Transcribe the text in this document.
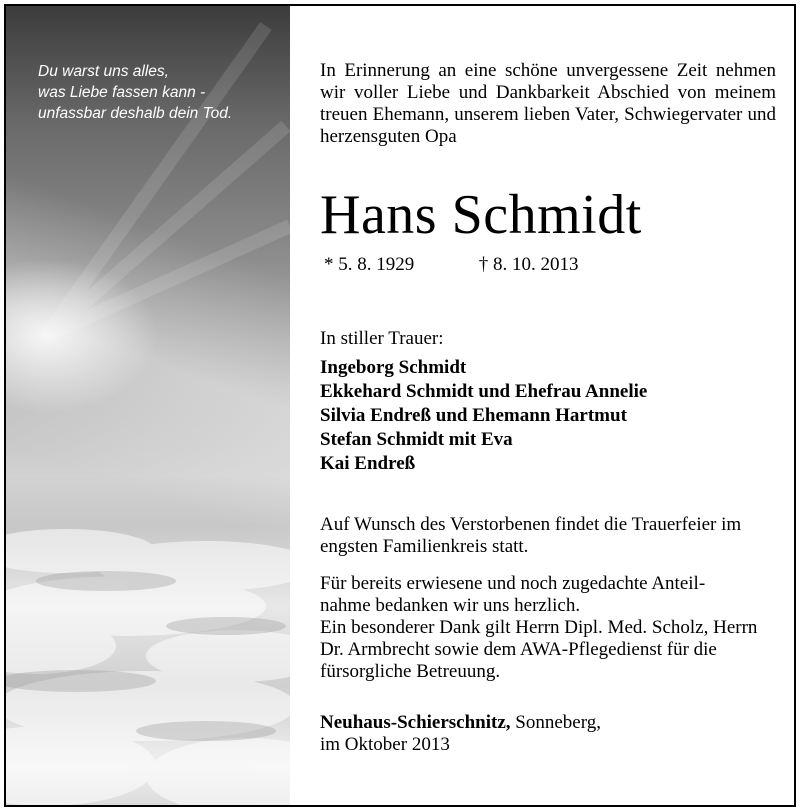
Du warst uns alles,
was Liebe fassen kann -
unfassbar deshalb dein Tod.
In Erinnerung an eine schöne unvergessene Zeit nehmen wir voller Liebe und Dankbarkeit Abschied von meinem treuen Ehemann, unserem lieben Vater, Schwiegervater und herzensguten Opa
Hans Schmidt
* 5. 8. 1929	† 8. 10. 2013
In stiller Trauer:
Ingeborg Schmidt
Ekkehard Schmidt und Ehefrau Annelie
Silvia Endreß und Ehemann Hartmut
Stefan Schmidt mit Eva
Kai Endreß
Auf Wunsch des Verstorbenen findet die Trauerfeier im engsten Familienkreis statt.
Für bereits erwiesene und noch zugedachte Anteil-
nahme bedanken wir uns herzlich.
Ein besonderer Dank gilt Herrn Dipl. Med. Scholz, Herrn Dr. Armbrecht sowie dem AWA-Pflegedienst für die fürsorgliche Betreuung.
Neuhaus-Schierschnitz, Sonneberg,
im Oktober 2013
